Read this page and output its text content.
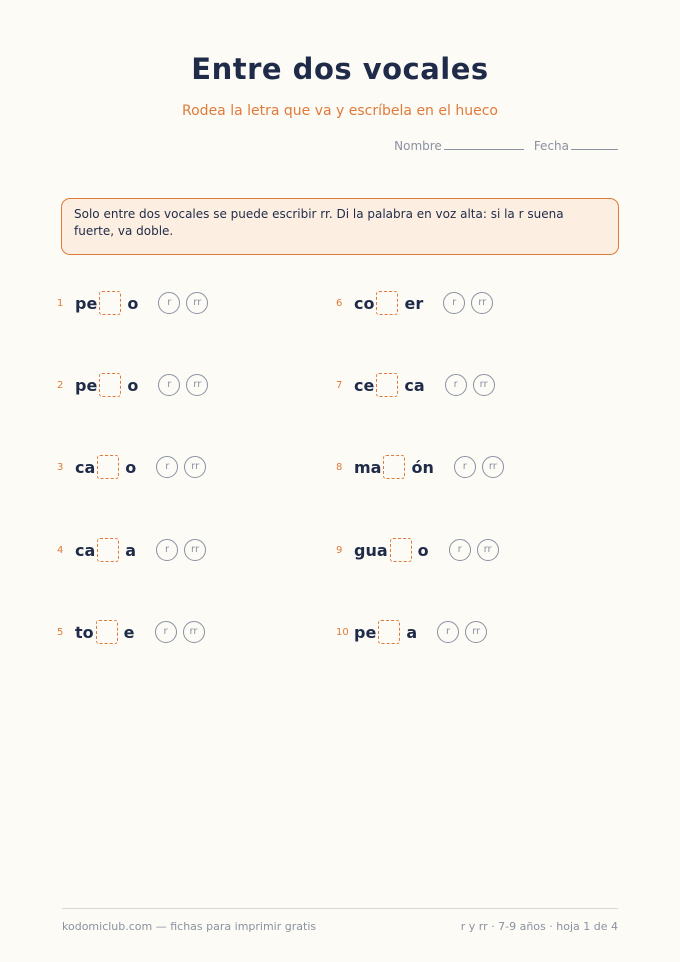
Entre dos vocales
Rodea la letra que va y escríbela en el hueco
Nombre	Fecha
Solo entre dos vocales se puede escribir rr. Di la palabra en voz alta: si la r suena fuerte, va doble.
1 pe o	r	rr
2 pe o	r	rr
3 ca o	r	rr
4 ca a	r	rr
5 to e	r	rr
6 co er	r	rr
7 ce ca	r	rr
8 ma ón	r	rr
9 gua o	r	rr
10 pe a	r	rr
kodomiclub.com — fichas para imprimir gratis	r y rr · 7-9 años · hoja 1 de 4
